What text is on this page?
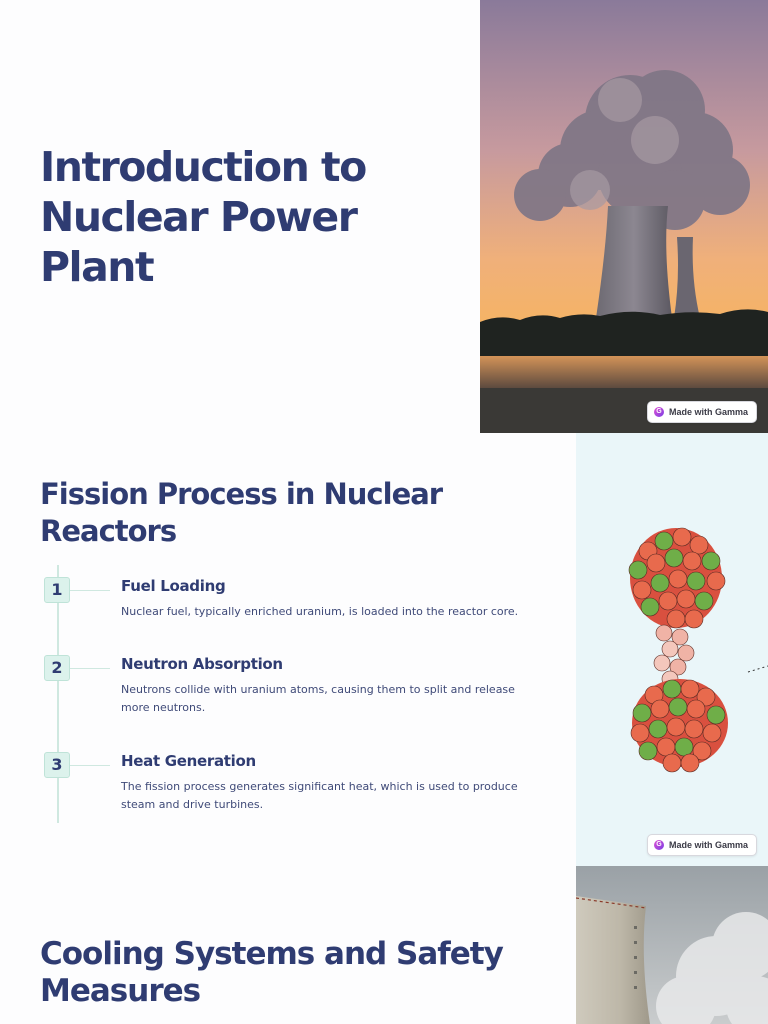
Introduction to Nuclear Power Plant
G Made with Gamma
Fission Process in Nuclear Reactors
1	Fuel Loading
Nuclear fuel, typically enriched uranium, is loaded into the reactor core.
2	Neutron Absorption
Neutrons collide with uranium atoms, causing them to split and release more neutrons.
3	Heat Generation
The fission process generates significant heat, which is used to produce steam and drive turbines.
G Made with Gamma
Cooling Systems and Safety Measures
